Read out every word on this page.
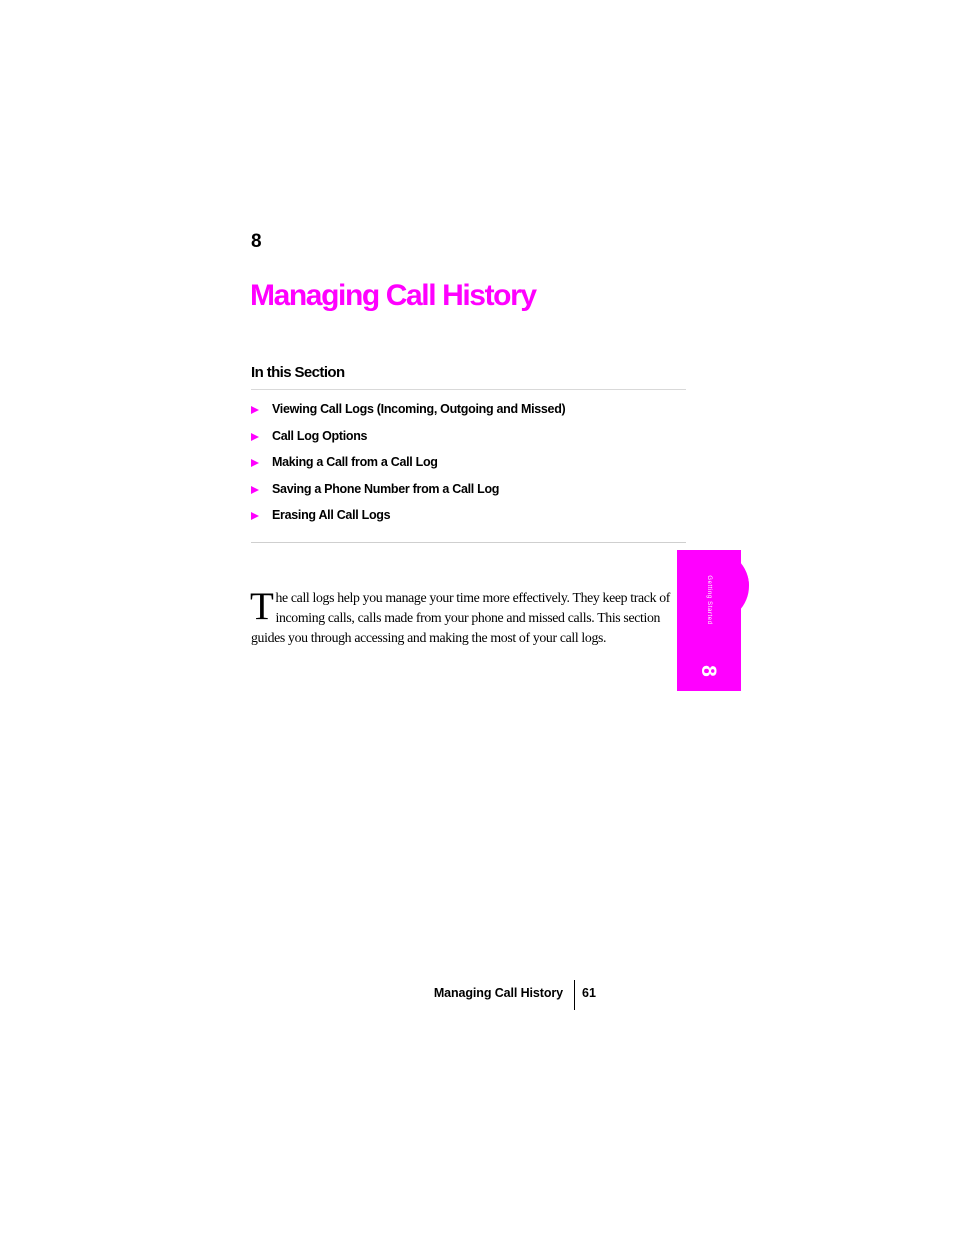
8
Managing Call History
In this Section
Viewing Call Logs (Incoming, Outgoing and Missed)
Call Log Options
Making a Call from a Call Log
Saving a Phone Number from a Call Log
Erasing All Call Logs

T he call logs help you manage your time more effectively. They keep track of incoming calls, calls made from your phone and missed calls. This section guides you through accessing and making the most of your call logs.

Getting Started
8
Managing Call History 61
